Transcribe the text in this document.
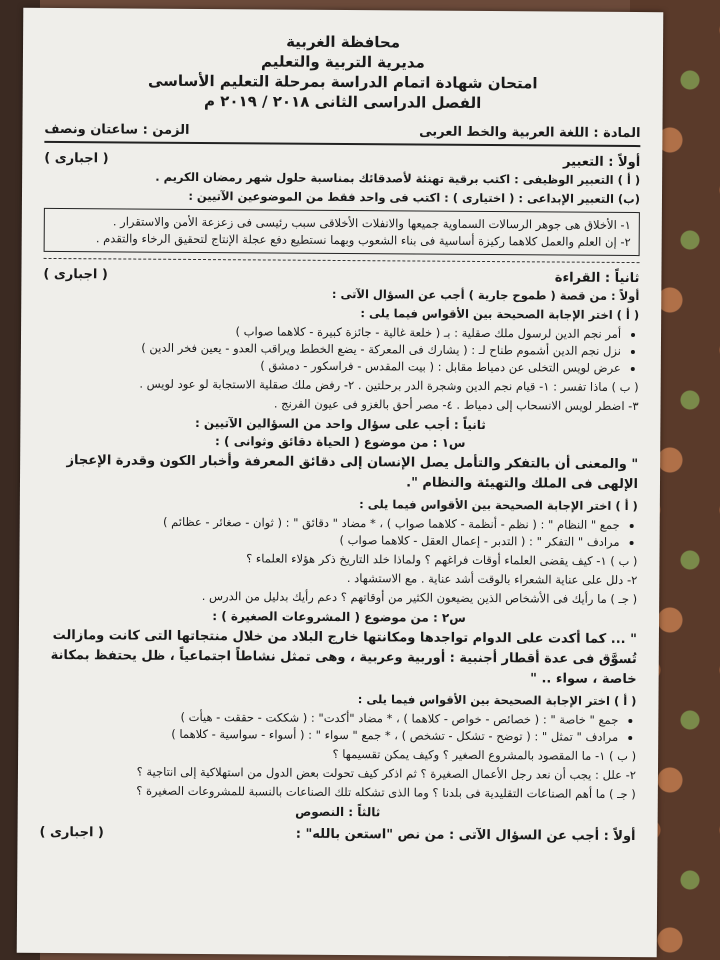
محافظة الغربية
مديرية التربية والتعليم
امتحان شهادة اتمام الدراسة بمرحلة التعليم الأساسى
الفصل الدراسى الثانى ٢٠١٨ / ٢٠١٩ م
المادة : اللغة العربية والخط العربى
الزمن : ساعتان ونصف
أولاً : التعبير
( اجبارى )
( أ ) التعبير الوظيفى : اكتب برقية تهنئة لأصدقائك بمناسبة حلول شهر رمضان الكريم .
(ب) التعبير الإبداعى : ( اختيارى ) : اكتب فى واحد فقط من الموضوعين الآتيين :
١- الأخلاق هى جوهر الرسالات السماوية جميعها والانفلات الأخلاقى سبب رئيسى فى زعزعة الأمن والاستقرار .
٢- إن العلم والعمل كلاهما ركيزة أساسية فى بناء الشعوب وبهما نستطيع دفع عجلة الإنتاج لتحقيق الرخاء والتقدم .
ثانياً : القراءة
( اجبارى )
أولاً : من قصة ( طموح جارية ) أجب عن السؤال الآتى :
( أ ) اختر الإجابة الصحيحة بين الأقواس فيما يلى :
• أمر نجم الدين لرسول ملك صقلية : بـ ( خلعة غالية - جائزة كبيرة - كلاهما صواب )
• نزل نجم الدين أشموم طناح لـ : ( يشارك فى المعركة - يضع الخطط ويراقب العدو - يعين فخر الدين )
• عرض لويس التخلى عن دمياط مقابل : ( بيت المقدس - فراسكور - دمشق )
( ب ) ماذا تفسر : ١- قيام نجم الدين وشجرة الدر برحلتين . ٢- رفض ملك صقلية الاستجابة لو عود لويس .
٣- اضطر لويس الانسحاب إلى دمياط . ٤- مصر أحق بالغزو فى عيون الفرنج .
ثانياً : أجب على سؤال واحد من السؤالين الآتيين :
س١ : من موضوع ( الحياة دقائق وثوانى ) :
" والمعنى أن بالتفكر والتأمل يصل الإنسان إلى دقائق المعرفة وأخبار الكون وقدرة الإعجاز الإلهى فى الملك والتهيئة والنظام ".
( أ ) اختر الإجابة الصحيحة بين الأقواس فيما يلى :
• جمع " النظام " : ( نظم - أنظمة - كلاهما صواب ) ، * مضاد " دقائق " : ( ثوان - صغائر - عظائم )
• مرادف " التفكر " : ( التدبر - إعمال العقل - كلاهما صواب )
( ب ) ١- كيف يقضى العلماء أوقات فراغهم ؟ ولماذا خلد التاريخ ذكر هؤلاء العلماء ؟
٢- دلل على عناية الشعراء بالوقت أشد عناية . مع الاستشهاد .
( جـ ) ما رأيك فى الأشخاص الذين يضيعون الكثير من أوقاتهم ؟ دعم رأيك بدليل من الدرس .
س٢ : من موضوع ( المشروعات الصغيرة ) :
" ... كما أكدت على الدوام تواجدها ومكانتها خارج البلاد من خلال منتجاتها التى كانت ومازالت تُسوَّق فى عدة أقطار أجنبية : أوربية وعربية ، وهى تمثل نشاطاً اجتماعياً ، ظل يحتفظ بمكانة خاصة ، سواء .. "
( أ ) اختر الإجابة الصحيحة بين الأقواس فيما يلى :
• جمع " خاصة " : ( خصائص - خواص - كلاهما ) ، * مضاد "أكدت" : ( شككت - حققت - هيأت )
• مرادف " تمثل " : ( توضح - تشكل - تشخص ) ، * جمع " سواء " : ( أسواء - سواسية - كلاهما )
( ب ) ١- ما المقصود بالمشروع الصغير ؟ وكيف يمكن تقسيمها ؟
٢- علل : يجب أن نعد رجل الأعمال الصغيرة ؟ ثم اذكر كيف تحولت بعض الدول من استهلاكية إلى انتاجية ؟
( جـ ) ما أهم الصناعات التقليدية فى بلدنا ؟ وما الذى تشكله تلك الصناعات بالنسبة للمشروعات الصغيرة ؟
ثالثاً : النصوص
أولاً : أجب عن السؤال الآتى : من نص "استعن بالله" :
( اجبارى )
